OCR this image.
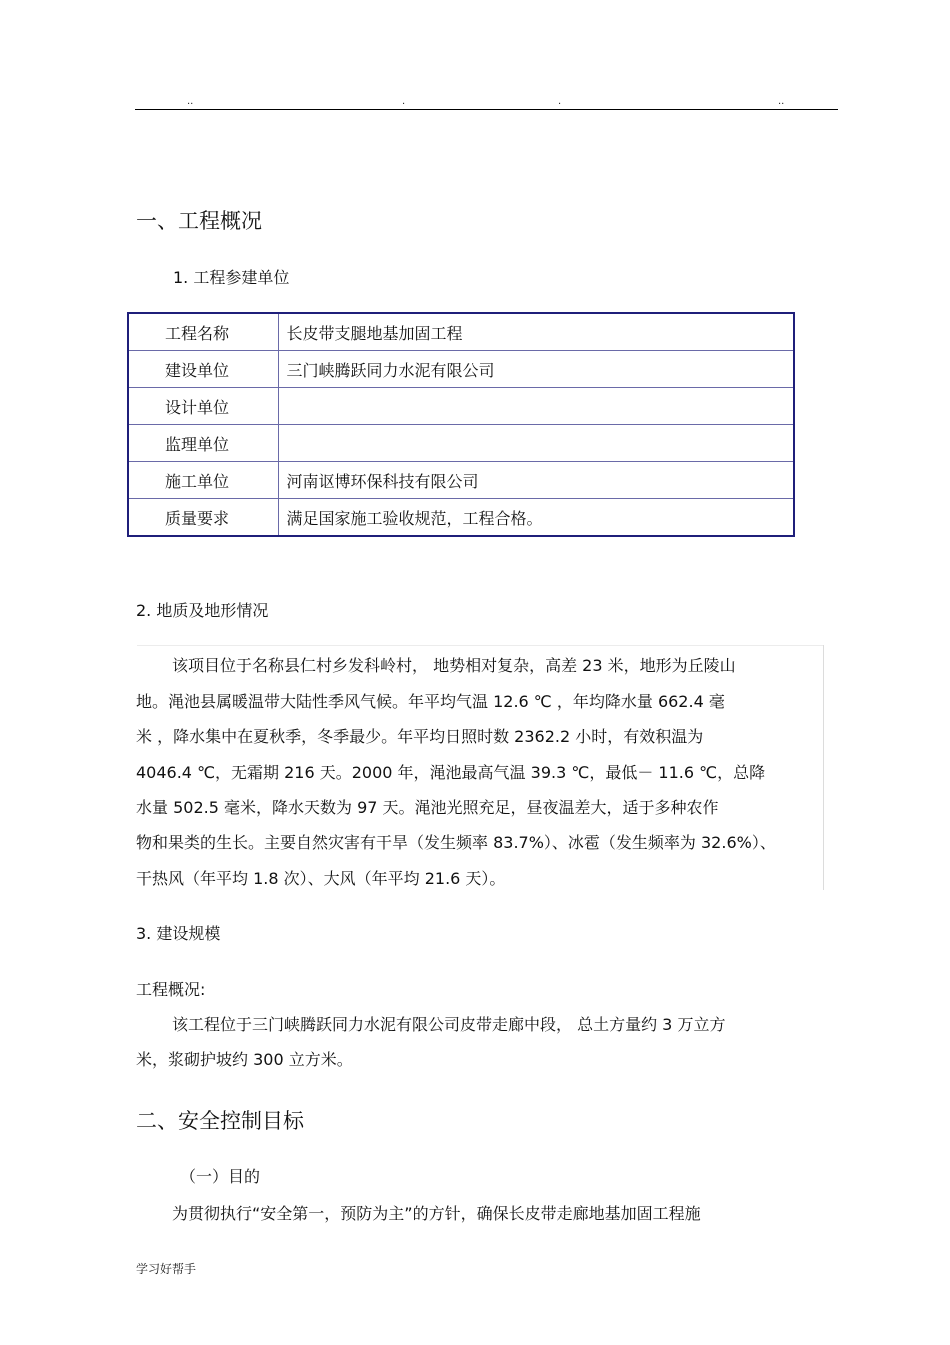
..	.	.	..
一、工程概况
1. 工程参建单位
工程名称	长皮带支腿地基加固工程
建设单位	三门峡腾跃同力水泥有限公司
设计单位	
监理单位	
施工单位	河南讴博环保科技有限公司
质量要求	满足国家施工验收规范，工程合格。
2. 地质及地形情况
该项目位于名称县仁村乡发科岭村， 地势相对复杂，高差 23 米，地形为丘陵山
地。渑池县属暖温带大陆性季风气候。年平均气温 12.6 ℃ ，年均降水量 662.4 毫
米 ，降水集中在夏秋季，冬季最少。年平均日照时数 2362.2 小时，有效积温为
4046.4 ℃，无霜期 216 天。2000 年，渑池最高气温 39.3 ℃，最低－ 11.6 ℃，总降
水量 502.5 毫米，降水天数为 97 天。渑池光照充足，昼夜温差大，适于多种农作
物和果类的生长。主要自然灾害有干旱（发生频率 83.7%）、冰雹（发生频率为 32.6%）、
干热风（年平均 1.8 次）、大风（年平均 21.6 天）。
3. 建设规模
工程概况:
该工程位于三门峡腾跃同力水泥有限公司皮带走廊中段， 总土方量约 3 万立方
米，浆砌护坡约 300 立方米。
二、安全控制目标
（一）目的
为贯彻执行“安全第一，预防为主”的方针，确保长皮带走廊地基加固工程施
学习好帮手
